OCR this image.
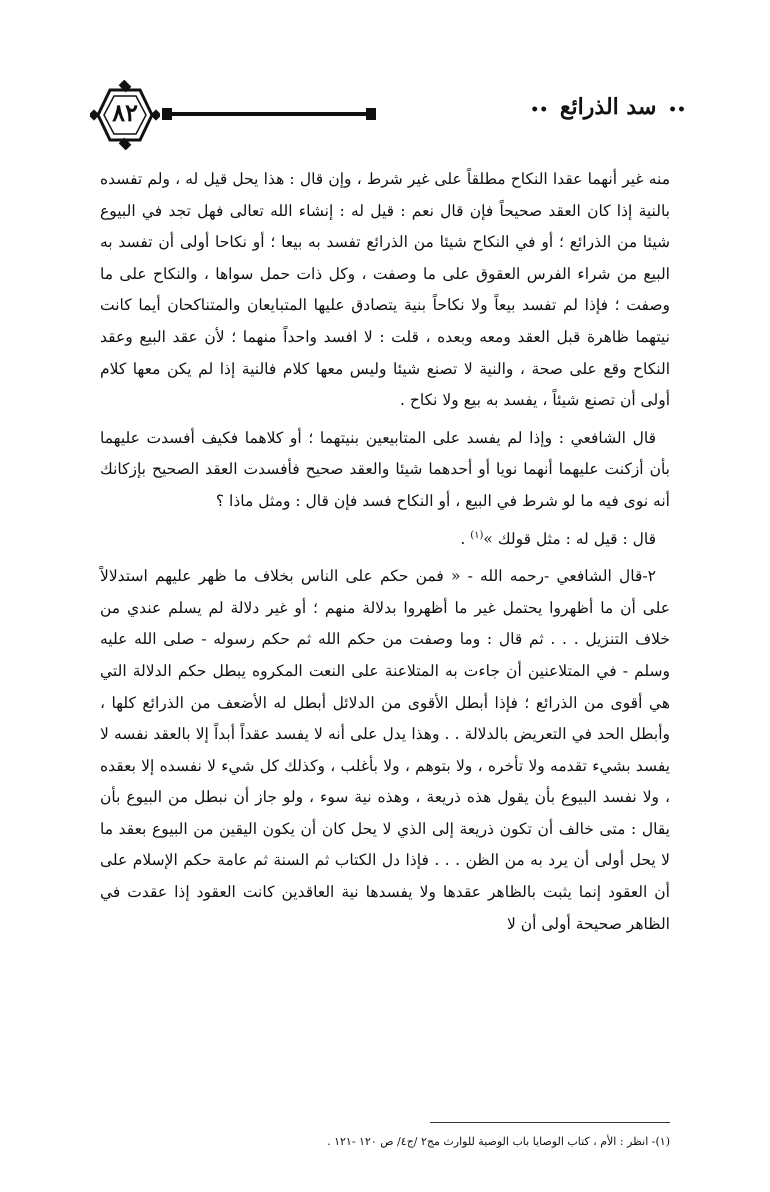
٨٢	•• سد الذرائع ••

منه غير أنهما عقدا النكاح مطلقاً على غير شرط ، وإن قال : هذا يحل قيل له ، ولم تفسده بالنية إذا كان العقد صحيحاً فإن قال نعم : قيل له : إنشاء الله تعالى فهل تجد في البيوع شيئا من الذرائع ؛ أو في النكاح شيئا من الذرائع تفسد به بيعا ؛ أو نكاحا أولى أن تفسد به البيع من شراء الفرس العقوق على ما وصفت ، وكل ذات حمل سواها ، والنكاح على ما وصفت ؛ فإذا لم تفسد بيعاً ولا نكاحاً بنية يتصادق عليها المتبايعان والمتناكحان أيما كانت نيتهما ظاهرة قبل العقد ومعه وبعده ، قلت : لا افسد واحداً منهما ؛ لأن عقد البيع وعقد النكاح وقع على صحة ، والنية لا تصنع شيئا وليس معها كلام فالنية إذا لم يكن معها كلام أولى أن تصنع شيئاً ، يفسد به بيع ولا نكاح .

قال الشافعي : وإذا لم يفسد على المتابيعين بنيتهما ؛ أو كلاهما فكيف أفسدت عليهما بأن أزكنت عليهما أنهما نويا أو أحدهما شيئا والعقد صحيح فأفسدت العقد الصحيح بإزكانك أنه نوى فيه ما لو شرط في البيع ، أو النكاح فسد فإن قال : ومثل ماذا ؟

قال : قيل له : مثل قولك »$^{(١)}$ .

٢-قال الشافعي -رحمه الله - « فمن حكم على الناس بخلاف ما ظهر عليهم استدلالاً على أن ما أظهروا يحتمل غير ما أظهروا بدلالة منهم ؛ أو غير دلالة لم يسلم عندي من خلاف التنزيل . . . ثم قال : وما وصفت من حكم الله ثم حكم رسوله - صلى الله عليه وسلم - في المتلاعنين أن جاءت به المتلاعنة على النعت المكروه يبطل حكم الدلالة التي هي أقوى من الذرائع ؛ فإذا أبطل الأقوى من الدلائل أبطل له الأضعف من الذرائع كلها ، وأبطل الحد في التعريض بالدلالة . . وهذا يدل على أنه لا يفسد عقداً أبداً إلا بالعقد نفسه لا يفسد بشيء تقدمه ولا تأخره ، ولا بتوهم ، ولا بأغلب ، وكذلك كل شيء لا نفسده إلا بعقده ، ولا نفسد البيوع بأن يقول هذه ذريعة ، وهذه نية سوء ، ولو جاز أن نبطل من البيوع بأن يقال : متى خالف أن تكون ذريعة إلى الذي لا يحل كان أن يكون اليقين من البيوع بعقد ما لا يحل أولى أن يرد به من الظن . . . فإذا دل الكتاب ثم السنة ثم عامة حكم الإسلام على أن العقود إنما يثبت بالظاهر عقدها ولا يفسدها نية العاقدين كانت العقود إذا عقدت في الظاهر صحيحة أولى أن لا

(١)- انظر : الأم ، كتاب الوصايا باب الوصية للوارث مج٢ /ج٤/ ص ١٢٠ -١٢١ .
